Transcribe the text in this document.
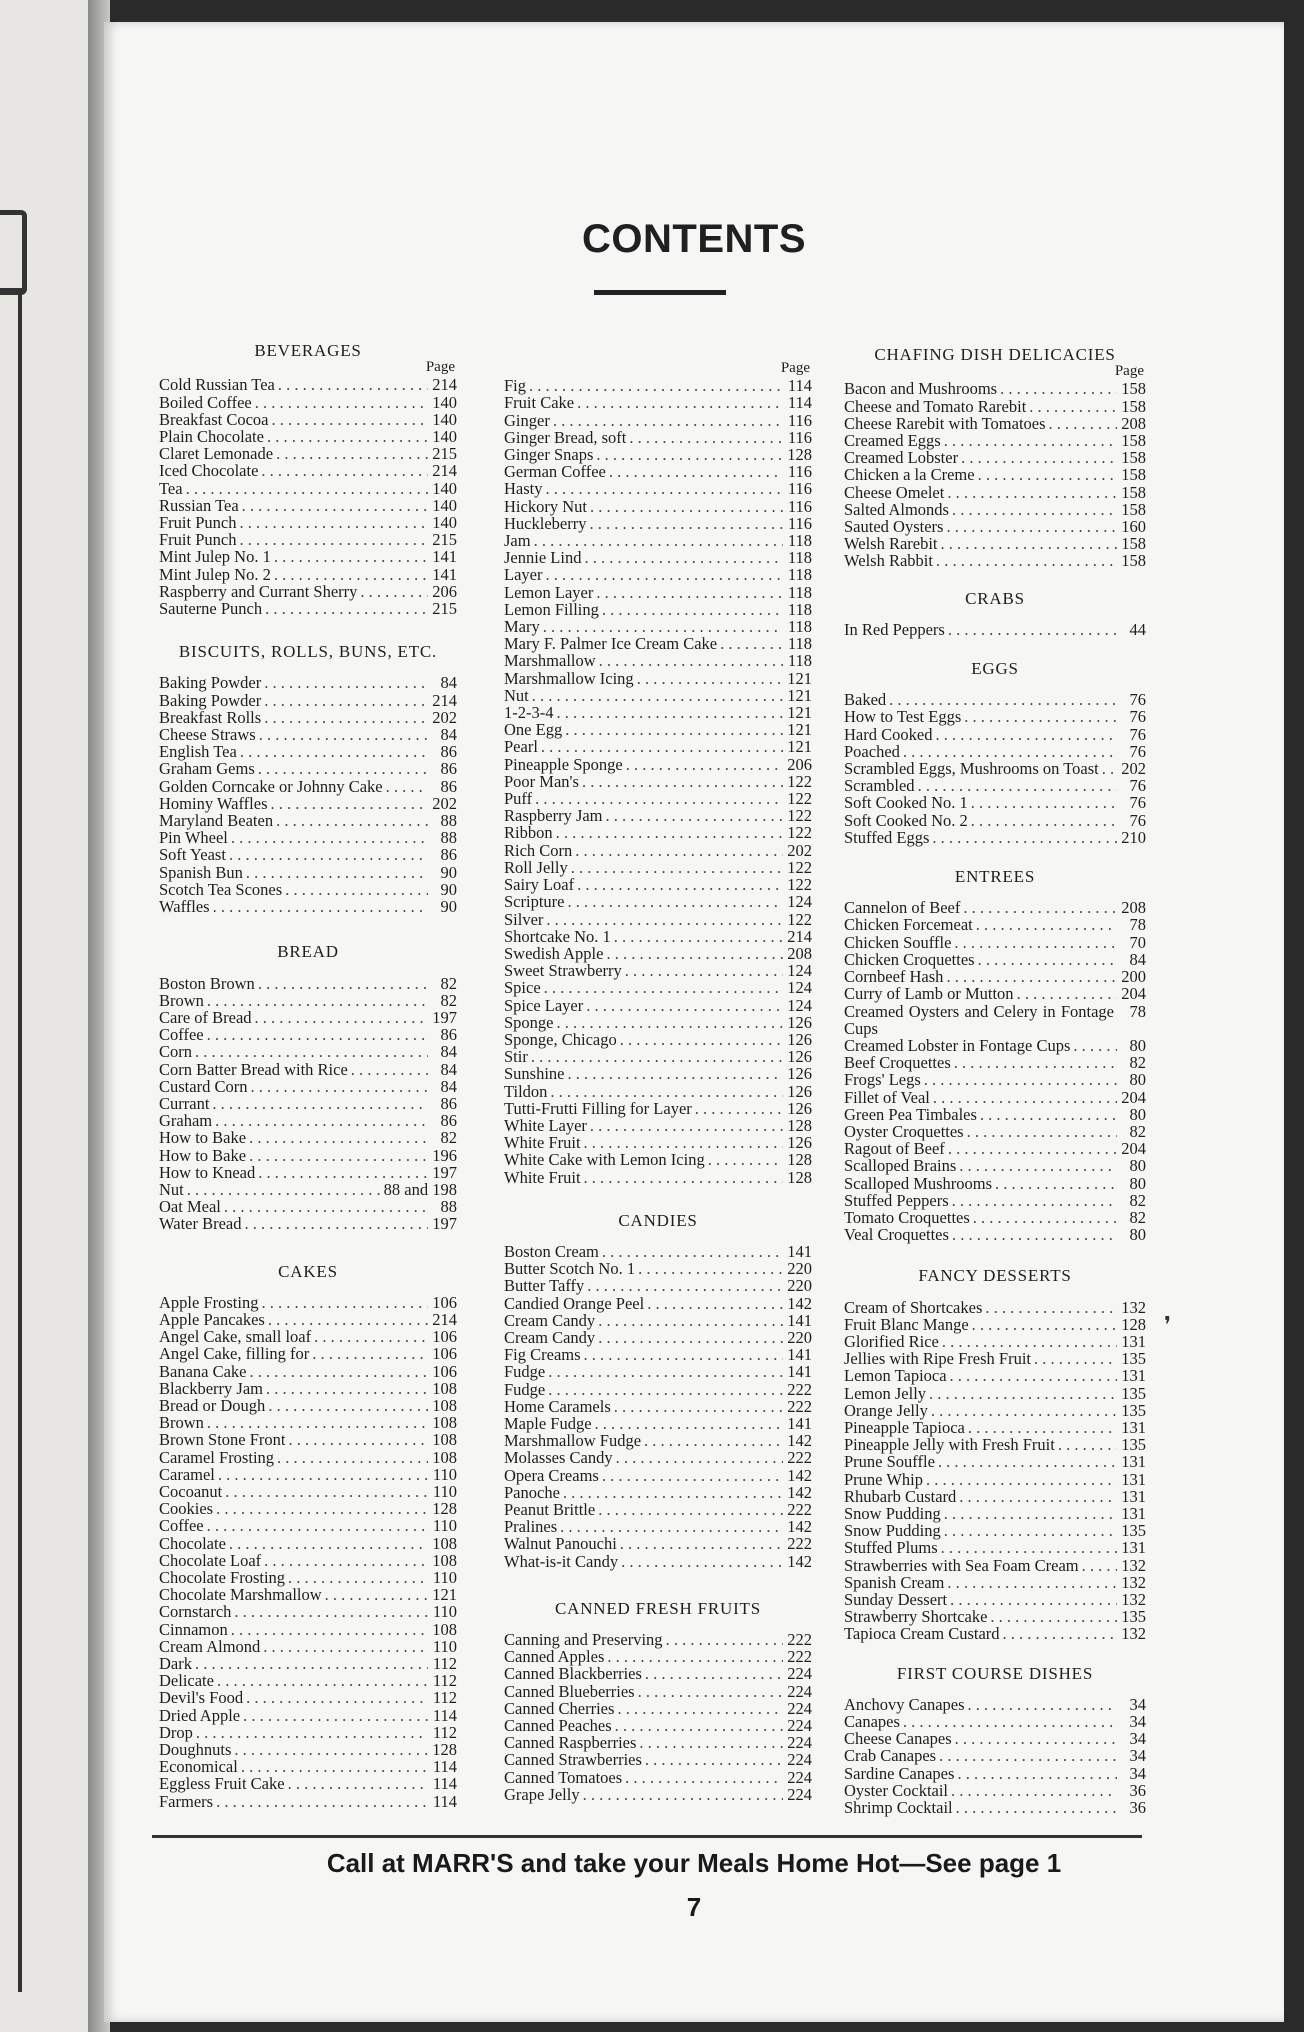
CONTENTS
BEVERAGES
Page
Cold Russian Tea . . .	214
Boiled Coffee . . .	140
Breakfast Cocoa . . .	140
Plain Chocolate . . .	140
Claret Lemonade . . .	215
Iced Chocolate . . .	214
Tea . . .	140
Russian Tea . . .	140
Fruit Punch . . .	140
Fruit Punch . . .	215
Mint Julep No. 1 . . .	141
Mint Julep No. 2 . . .	141
Raspberry and Currant Sherry . . .	206
Sauterne Punch . . .	215
BISCUITS, ROLLS, BUNS, ETC.
Baking Powder . . .	84
Baking Powder . . .	214
Breakfast Rolls . . .	202
Cheese Straws . . .	84
English Tea . . .	86
Graham Gems . . .	86
Golden Corncake or Johnny Cake . . .	86
Hominy Waffles . . .	202
Maryland Beaten . . .	88
Pin Wheel . . .	88
Soft Yeast . . .	86
Spanish Bun . . .	90
Scotch Tea Scones . . .	90
Waffles . . .	90
BREAD
Boston Brown . . .	82
Brown . . .	82
Care of Bread . . .	197
Coffee . . .	86
Corn . . .	84
Corn Batter Bread with Rice . . .	84
Custard Corn . . .	84
Currant . . .	86
Graham . . .	86
How to Bake . . .	82
How to Bake . . .	196
How to Knead . . .	197
Nut . . .	88 and 198
Oat Meal . . .	88
Water Bread . . .	197
CAKES
Apple Frosting . . .	106
Apple Pancakes . . .	214
Angel Cake, small loaf . . .	106
Angel Cake, filling for . . .	106
Banana Cake . . .	106
Blackberry Jam . . .	108
Bread or Dough . . .	108
Brown . . .	108
Brown Stone Front . . .	108
Caramel Frosting . . .	108
Caramel . . .	110
Cocoanut . . .	110
Cookies . . .	128
Coffee . . .	110
Chocolate . . .	108
Chocolate Loaf . . .	108
Chocolate Frosting . . .	110
Chocolate Marshmallow . . .	121
Cornstarch . . .	110
Cinnamon . . .	108
Cream Almond . . .	110
Dark . . .	112
Delicate . . .	112
Devil's Food . . .	112
Dried Apple . . .	114
Drop . . .	112
Doughnuts . . .	128
Economical . . .	114
Eggless Fruit Cake . . .	114
Farmers . . .	114
Page
Fig . . .	114
Fruit Cake . . .	114
Ginger . . .	116
Ginger Bread, soft . . .	116
Ginger Snaps . . .	128
German Coffee . . .	116
Hasty . . .	116
Hickory Nut . . .	116
Huckleberry . . .	116
Jam . . .	118
Jennie Lind . . .	118
Layer . . .	118
Lemon Layer . . .	118
Lemon Filling . . .	118
Mary . . .	118
Mary F. Palmer Ice Cream Cake . . .	118
Marshmallow . . .	118
Marshmallow Icing . . .	121
Nut . . .	121
1-2-3-4 . . .	121
One Egg . . .	121
Pearl . . .	121
Pineapple Sponge . . .	206
Poor Man's . . .	122
Puff . . .	122
Raspberry Jam . . .	122
Ribbon . . .	122
Rich Corn . . .	202
Roll Jelly . . .	122
Sairy Loaf . . .	122
Scripture . . .	124
Silver . . .	122
Shortcake No. 1 . . .	214
Swedish Apple . . .	208
Sweet Strawberry . . .	124
Spice . . .	124
Spice Layer . . .	124
Sponge . . .	126
Sponge, Chicago . . .	126
Stir . . .	126
Sunshine . . .	126
Tildon . . .	126
Tutti-Frutti Filling for Layer . . .	126
White Layer . . .	128
White Fruit . . .	126
White Cake with Lemon Icing . . .	128
White Fruit . . .	128
CANDIES
Boston Cream . . .	141
Butter Scotch No. 1 . . .	220
Butter Taffy . . .	220
Candied Orange Peel . . .	142
Cream Candy . . .	141
Cream Candy . . .	220
Fig Creams . . .	141
Fudge . . .	141
Fudge . . .	222
Home Caramels . . .	222
Maple Fudge . . .	141
Marshmallow Fudge . . .	142
Molasses Candy . . .	222
Opera Creams . . .	142
Panoche . . .	142
Peanut Brittle . . .	222
Pralines . . .	142
Walnut Panouchi . . .	222
What-is-it Candy . . .	142
CANNED FRESH FRUITS
Canning and Preserving . . .	222
Canned Apples . . .	222
Canned Blackberries . . .	224
Canned Blueberries . . .	224
Canned Cherries . . .	224
Canned Peaches . . .	224
Canned Raspberries . . .	224
Canned Strawberries . . .	224
Canned Tomatoes . . .	224
Grape Jelly . . .	224
CHAFING DISH DELICACIES
Page
Bacon and Mushrooms . . .	158
Cheese and Tomato Rarebit . . .	158
Cheese Rarebit with Tomatoes . . .	208
Creamed Eggs . . .	158
Creamed Lobster . . .	158
Chicken a la Creme . . .	158
Cheese Omelet . . .	158
Salted Almonds . . .	158
Sauted Oysters . . .	160
Welsh Rarebit . . .	158
Welsh Rabbit . . .	158
CRABS
In Red Peppers . . .	44
EGGS
Baked . . .	76
How to Test Eggs . . .	76
Hard Cooked . . .	76
Poached . . .	76
Scrambled Eggs, Mushrooms on Toast . . . 202
Scrambled . . .	76
Soft Cooked No. 1 . . .	76
Soft Cooked No. 2 . . .	76
Stuffed Eggs . . .	210
ENTREES
Cannelon of Beef . . .	208
Chicken Forcemeat . . .	78
Chicken Souffle . . .	70
Chicken Croquettes . . .	84
Cornbeef Hash . . .	200
Curry of Lamb or Mutton . . .	204
Creamed Oysters and Celery in Fontage Cups
78
Creamed Lobster in Fontage Cups . . .	80
Beef Croquettes . . .	82
Frogs' Legs . . .	80
Fillet of Veal . . .	204
Green Pea Timbales . . .	80
Oyster Croquettes . . .	82
Ragout of Beef . . .	204
Scalloped Brains . . .	80
Scalloped Mushrooms . . .	80
Stuffed Peppers . . .	82
Tomato Croquettes . . .	82
Veal Croquettes . . .	80
FANCY DESSERTS
Cream of Shortcakes . . .	132
Fruit Blanc Mange . . .	128
Glorified Rice . . .	131
Jellies with Ripe Fresh Fruit . . .	135
Lemon Tapioca . . .	131
Lemon Jelly . . .	135
Orange Jelly . . .	135
Pineapple Tapioca . . .	131
Pineapple Jelly with Fresh Fruit . . .	135
Prune Souffle . . .	131
Prune Whip . . .	131
Rhubarb Custard . . .	131
Snow Pudding . . .	131
Snow Pudding . . .	135
Stuffed Plums . . .	131
Strawberries with Sea Foam Cream . . .	132
Spanish Cream . . .	132
Sunday Dessert . . .	132
Strawberry Shortcake . . .	135
Tapioca Cream Custard . . .	132
FIRST COURSE DISHES
Anchovy Canapes . . .	34
Canapes . . .	34
Cheese Canapes . . .	34
Crab Canapes . . .	34
Sardine Canapes . . .	34
Oyster Cocktail . . .	36
Shrimp Cocktail . . .	36
❜
Call at MARR'S and take your Meals Home Hot—See page 1
7
